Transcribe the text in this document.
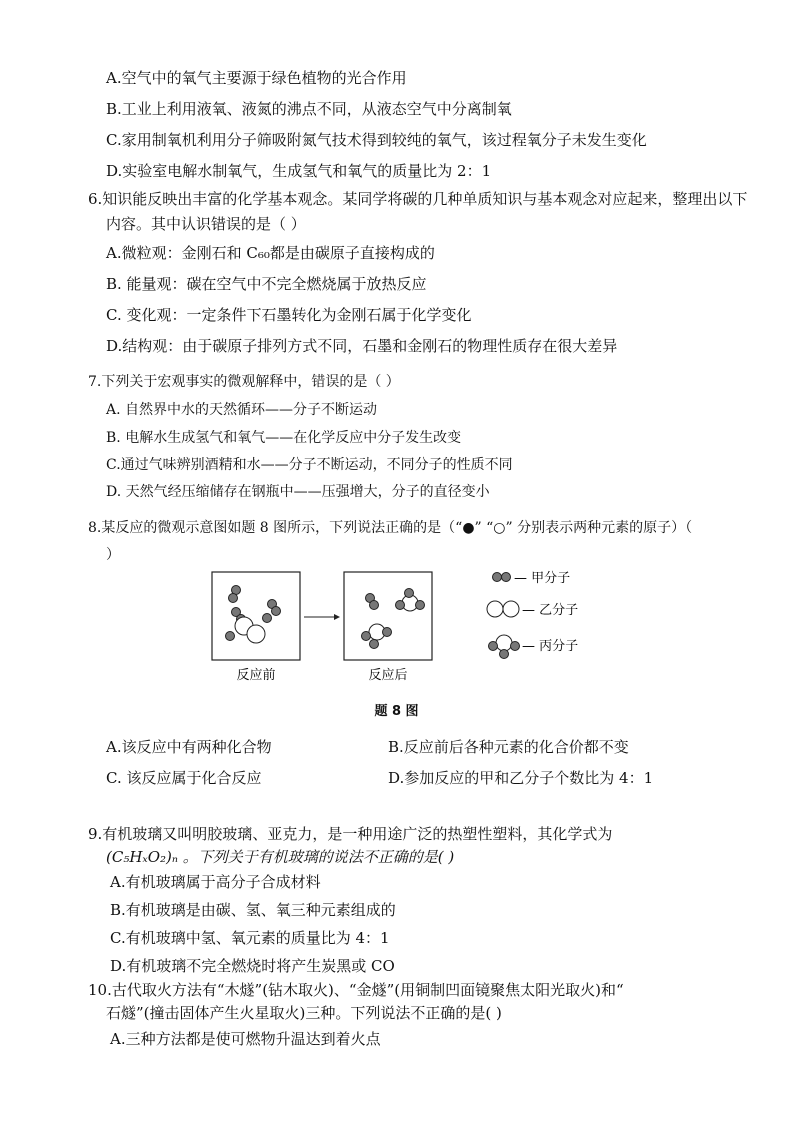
A.空气中的氧气主要源于绿色植物的光合作用
B.工业上利用液氧、液氮的沸点不同，从液态空气中分离制氧
C.家用制氧机利用分子筛吸附氮气技术得到较纯的氧气，该过程氧分子未发生变化
D.实验室电解水制氧气，生成氢气和氧气的质量比为 2：1
6.知识能反映出丰富的化学基本观念。某同学将碳的几种单质知识与基本观念对应起来，整理出以下
内容。其中认识错误的是（ ）
A.微粒观：金刚石和 C₆₀都是由碳原子直接构成的
B. 能量观：碳在空气中不完全燃烧属于放热反应
C. 变化观：一定条件下石墨转化为金刚石属于化学变化
D.结构观：由于碳原子排列方式不同，石墨和金刚石的物理性质存在很大差异
7.下列关于宏观事实的微观解释中，错误的是（ ）
A. 自然界中水的天然循环——分子不断运动
B. 电解水生成氢气和氧气——在化学反应中分子发生改变
C.通过气味辨别酒精和水——分子不断运动，不同分子的性质不同
D. 天然气经压缩储存在钢瓶中——压强增大，分子的直径变小
8.某反应的微观示意图如题 8 图所示，下列说法正确的是（“●” “○” 分别表示两种元素的原子）（
）
— 甲分子
— 乙分子
— 丙分子
反应前	反应后
题 8 图
A.该反应中有两种化合物	B.反应前后各种元素的化合价都不变
C. 该反应属于化合反应	D.参加反应的甲和乙分子个数比为 4：1
9.有机玻璃又叫明胶玻璃、亚克力，是一种用途广泛的热塑性塑料，其化学式为
(C₅HₓO₂)ₙ 。下列关于有机玻璃的说法不正确的是( )
A.有机玻璃属于高分子合成材料
B.有机玻璃是由碳、氢、氧三种元素组成的
C.有机玻璃中氢、氧元素的质量比为 4：1
D.有机玻璃不完全燃烧时将产生炭黑或 CO
10.古代取火方法有“木燧”(钻木取火)、“金燧”(用铜制凹面镜聚焦太阳光取火)和“
石燧”(撞击固体产生火星取火)三种。下列说法不正确的是( )
A.三种方法都是使可燃物升温达到着火点
